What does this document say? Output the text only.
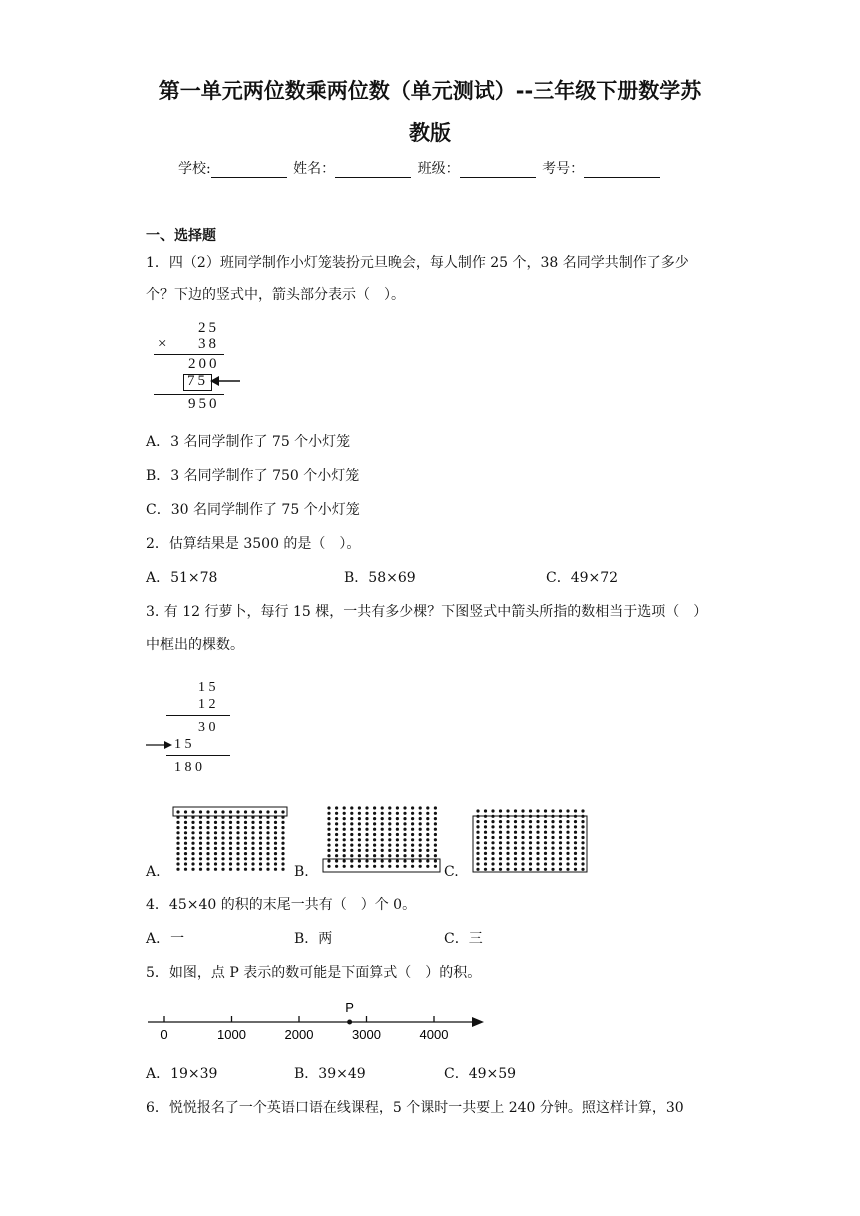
第一单元两位数乘两位数（单元测试）--三年级下册数学苏
教版
学校:	姓名：	班级：	考号：
一、选择题
1．四（2）班同学制作小灯笼装扮元旦晚会，每人制作 25 个，38 名同学共制作了多少
个？下边的竖式中，箭头部分表示（　）。
25
× 38
200
75
950
A．3 名同学制作了 75 个小灯笼
B．3 名同学制作了 750 个小灯笼
C．30 名同学制作了 75 个小灯笼
2．估算结果是 3500 的是（　）。
A．51×78	B．58×69	C．49×72
3. 有 12 行萝卜，每行 15 棵，一共有多少棵？下图竖式中箭头所指的数相当于选项（　）
中框出的棵数。
1 5
1 2
3 0
1 5
1 8 0
A.	B.	C.
4．45×40 的积的末尾一共有（　）个 0。
A．一	B．两	C．三
5．如图，点 P 表示的数可能是下面算式（　）的积。
0	1000	2000	3000	4000
P
A．19×39	B．39×49	C．49×59
6．悦悦报名了一个英语口语在线课程，5 个课时一共要上 240 分钟。照这样计算，30
